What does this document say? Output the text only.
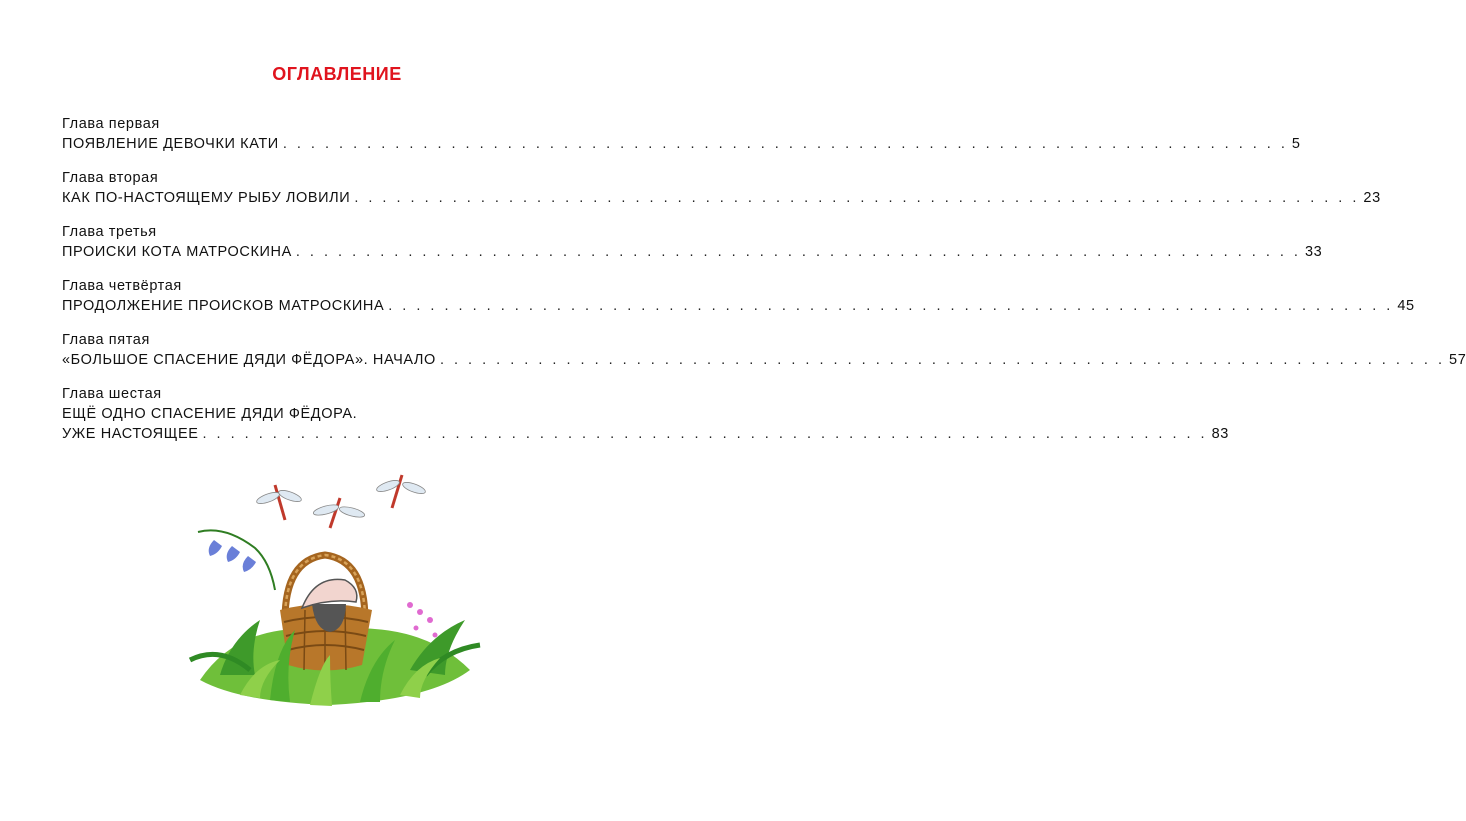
ОГЛАВЛЕНИЕ
Глава первая
ПОЯВЛЕНИЕ ДЕВОЧКИ КАТИ . . . . . . . . . . . . . . . . . . . . . . . . . . . . . . . . . . . . . . . . . . . . . . . . . . . . . . . . . . . . . . . . . . . . . . . . 5
Глава вторая
КАК ПО-НАСТОЯЩЕМУ РЫБУ ЛОВИЛИ . . . . . . . . . . . . . . . . . . . . . . . . . . . . . . . . . . . . . . . . . . . . . . . . . . . . . . . . . . . . . . . . . . . . . . . . 23
Глава третья
ПРОИСКИ КОТА МАТРОСКИНА . . . . . . . . . . . . . . . . . . . . . . . . . . . . . . . . . . . . . . . . . . . . . . . . . . . . . . . . . . . . . . . . . . . . . . . . 33
Глава четвёртая
ПРОДОЛЖЕНИЕ ПРОИСКОВ МАТРОСКИНА . . . . . . . . . . . . . . . . . . . . . . . . . . . . . . . . . . . . . . . . . . . . . . . . . . . . . . . . . . . . . . . . . . . . . . . . 45
Глава пятая
«БОЛЬШОЕ СПАСЕНИЕ ДЯДИ ФЁДОРА». НАЧАЛО . . . . . . . . . . . . . . . . . . . . . . . . . . . . . . . . . . . . . . . . . . . . . . . . . . . . . . . . . . . . . . . . . . . . . . . . 57
Глава шестая
ЕЩЁ ОДНО СПАСЕНИЕ ДЯДИ ФЁДОРА.
УЖЕ НАСТОЯЩЕЕ . . . . . . . . . . . . . . . . . . . . . . . . . . . . . . . . . . . . . . . . . . . . . . . . . . . . . . . . . . . . . . . . . . . . . . . . 83
